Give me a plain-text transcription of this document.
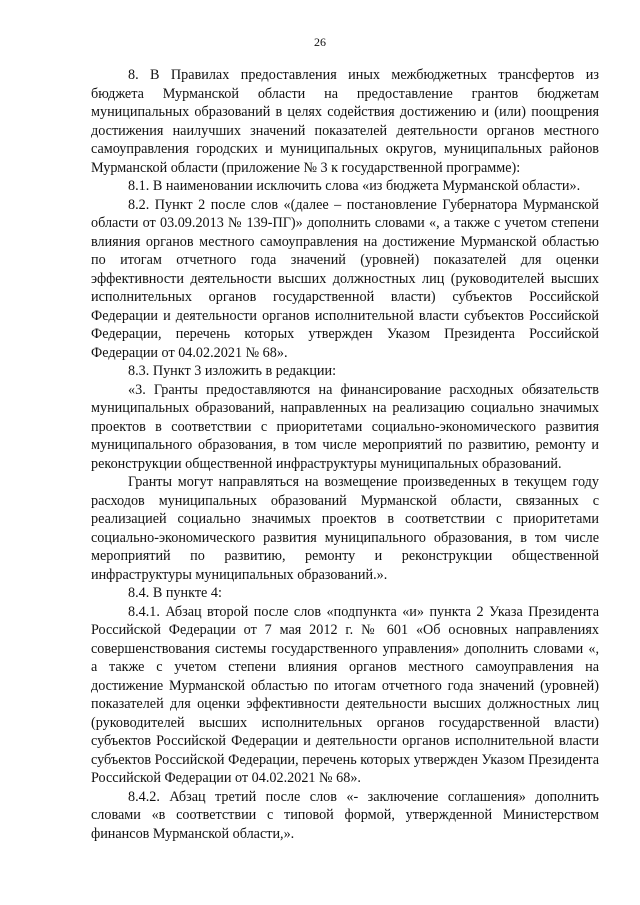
26

8. В Правилах предоставления иных межбюджетных трансфертов из бюджета Мурманской области на предоставление грантов бюджетам муниципальных образований в целях содействия достижению и (или) поощрения достижения наилучших значений показателей деятельности органов местного самоуправления городских и муниципальных округов, муниципальных районов Мурманской области (приложение № 3 к государственной программе):

8.1. В наименовании исключить слова «из бюджета Мурманской области».

8.2. Пункт 2 после слов «(далее – постановление Губернатора Мурманской области от 03.09.2013 № 139-ПГ)» дополнить словами «, а также с учетом степени влияния органов местного самоуправления на достижение Мурманской областью по итогам отчетного года значений (уровней) показателей для оценки эффективности деятельности высших должностных лиц (руководителей высших исполнительных органов государственной власти) субъектов Российской Федерации и деятельности органов исполнительной власти субъектов Российской Федерации, перечень которых утвержден Указом Президента Российской Федерации от 04.02.2021 № 68».

8.3. Пункт 3 изложить в редакции:

«3. Гранты предоставляются на финансирование расходных обязательств муниципальных образований, направленных на реализацию социально значимых проектов в соответствии с приоритетами социально-экономического развития муниципального образования, в том числе мероприятий по развитию, ремонту и реконструкции общественной инфраструктуры муниципальных образований.

Гранты могут направляться на возмещение произведенных в текущем году расходов муниципальных образований Мурманской области, связанных с реализацией социально значимых проектов в соответствии с приоритетами социально-экономического развития муниципального образования, в том числе мероприятий по развитию, ремонту и реконструкции общественной инфраструктуры муниципальных образований.».

8.4. В пункте 4:

8.4.1. Абзац второй после слов «подпункта «и» пункта 2 Указа Президента Российской Федерации от 7 мая 2012 г. № 601 «Об основных направлениях совершенствования системы государственного управления» дополнить словами «, а также с учетом степени влияния органов местного самоуправления на достижение Мурманской областью по итогам отчетного года значений (уровней) показателей для оценки эффективности деятельности высших должностных лиц (руководителей высших исполнительных органов государственной власти) субъектов Российской Федерации и деятельности органов исполнительной власти субъектов Российской Федерации, перечень которых утвержден Указом Президента Российской Федерации от 04.02.2021 № 68».

8.4.2. Абзац третий после слов «- заключение соглашения» дополнить словами «в соответствии с типовой формой, утвержденной Министерством финансов Мурманской области,».
